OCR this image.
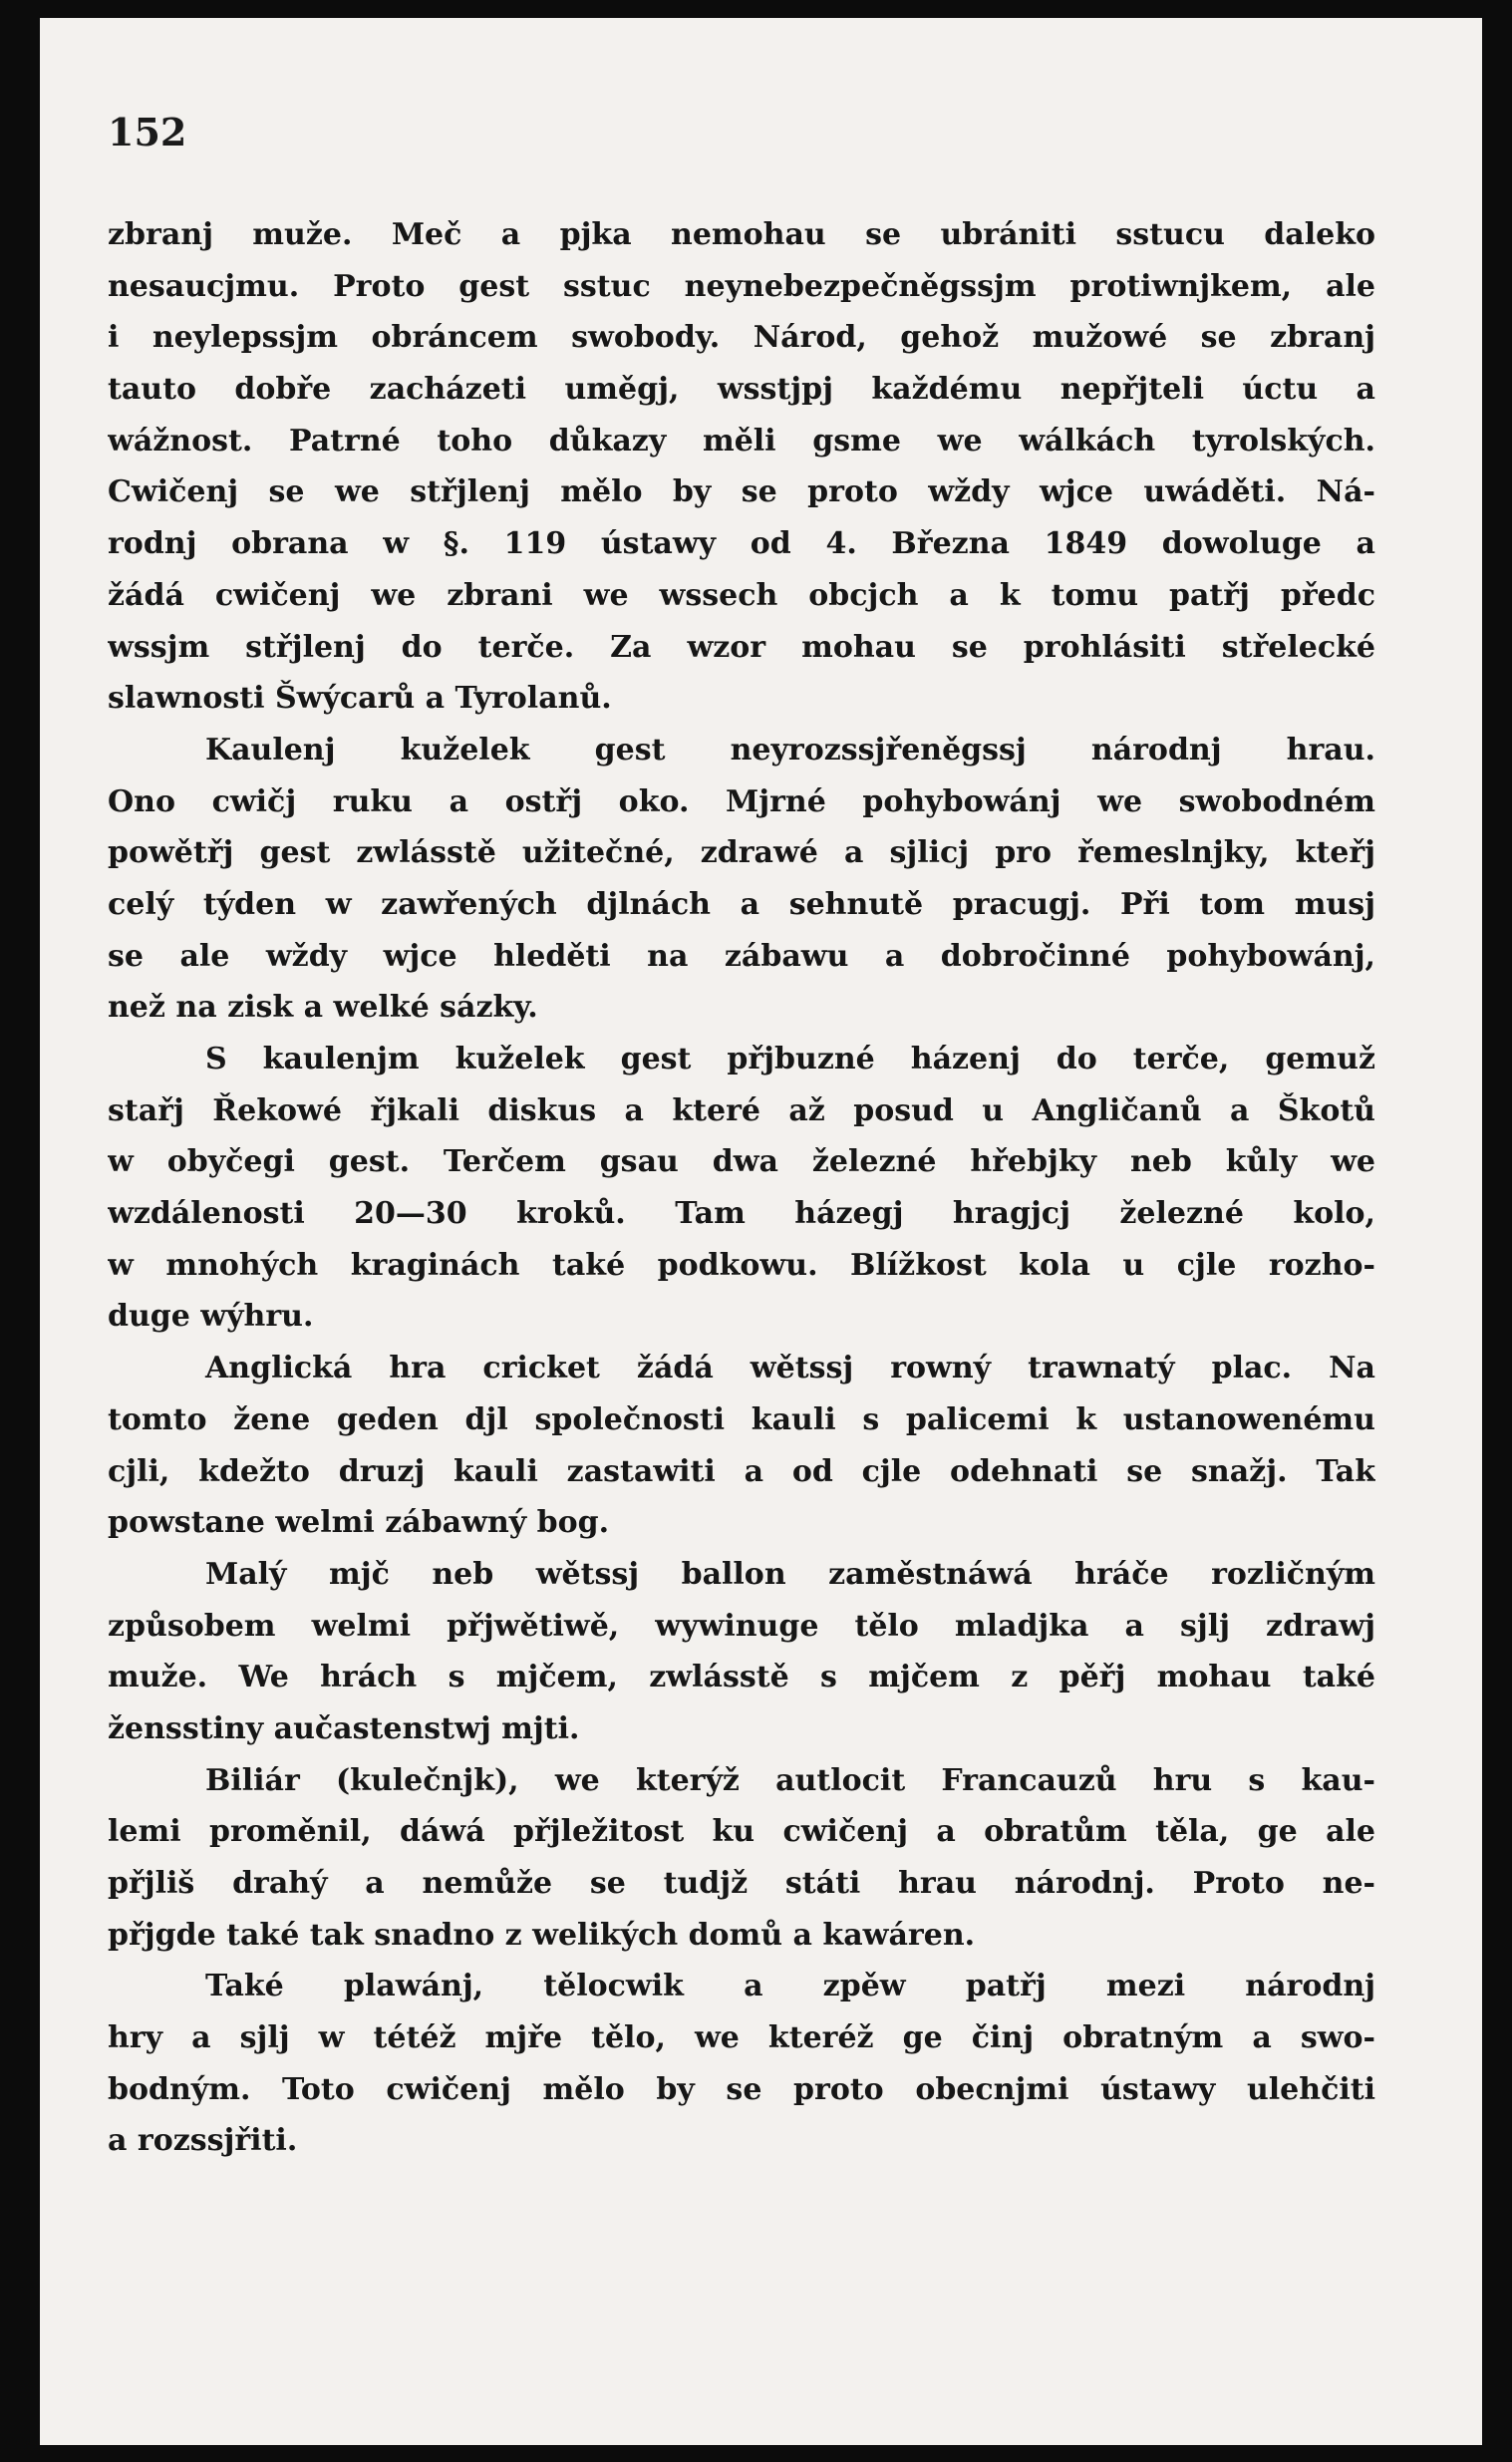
152
zbranj muže. Meč a pjka nemohau se ubrániti sstucu daleko
nesaucjmu. Proto gest sstuc neynebezpečněgssjm protiwnjkem, ale
i neylepssjm obráncem swobody. Národ, gehož mužowé se zbranj
tauto dobře zacházeti uměgj, wsstjpj každému nepřjteli úctu a
wážnost. Patrné toho důkazy měli gsme we wálkách tyrolských.
Cwičenj se we střjlenj mělo by se proto wždy wjce uwáděti. Ná-
rodnj obrana w §. 119 ústawy od 4. Března 1849 dowoluge a
žádá cwičenj we zbrani we wssech obcjch a k tomu patřj předc
wssjm střjlenj do terče. Za wzor mohau se prohlásiti střelecké
slawnosti Šwýcarů a Tyrolanů.
Kaulenj kuželek gest neyrozssjřeněgssj národnj hrau.
Ono cwičj ruku a ostřj oko. Mjrné pohybowánj we swobodném
powětřj gest zwlásstě užitečné, zdrawé a sjlicj pro řemeslnjky, kteřj
celý týden w zawřených djlnách a sehnutě pracugj. Při tom musj
se ale wždy wjce hleděti na zábawu a dobročinné pohybowánj,
než na zisk a welké sázky.
S kaulenjm kuželek gest přjbuzné házenj do terče, gemuž
stařj Řekowé řjkali diskus a které až posud u Angličanů a Škotů
w obyčegi gest. Terčem gsau dwa železné hřebjky neb kůly we
wzdálenosti 20—30 kroků. Tam házegj hragjcj železné kolo,
w mnohých kraginách také podkowu. Blížkost kola u cjle rozho-
duge wýhru.
Anglická hra cricket žádá wětssj rowný trawnatý plac. Na
tomto žene geden djl společnosti kauli s palicemi k ustanowenému
cjli, kdežto druzj kauli zastawiti a od cjle odehnati se snažj. Tak
powstane welmi zábawný bog.
Malý mjč neb wětssj ballon zaměstnáwá hráče rozličným
způsobem welmi přjwětiwě, wywinuge tělo mladjka a sjlj zdrawj
muže. We hrách s mjčem, zwlásstě s mjčem z pěřj mohau také
žensstiny aučastenstwj mjti.
Biliár (kulečnjk), we kterýž autlocit Francauzů hru s kau-
lemi proměnil, dáwá přjležitost ku cwičenj a obratům těla, ge ale
přjliš drahý a nemůže se tudjž státi hrau národnj. Proto ne-
přjgde také tak snadno z welikých domů a kawáren.
Také plawánj, tělocwik a zpěw patřj mezi národnj
hry a sjlj w tétéž mjře tělo, we kteréž ge činj obratným a swo-
bodným. Toto cwičenj mělo by se proto obecnjmi ústawy ulehčiti
a rozssjřiti.
